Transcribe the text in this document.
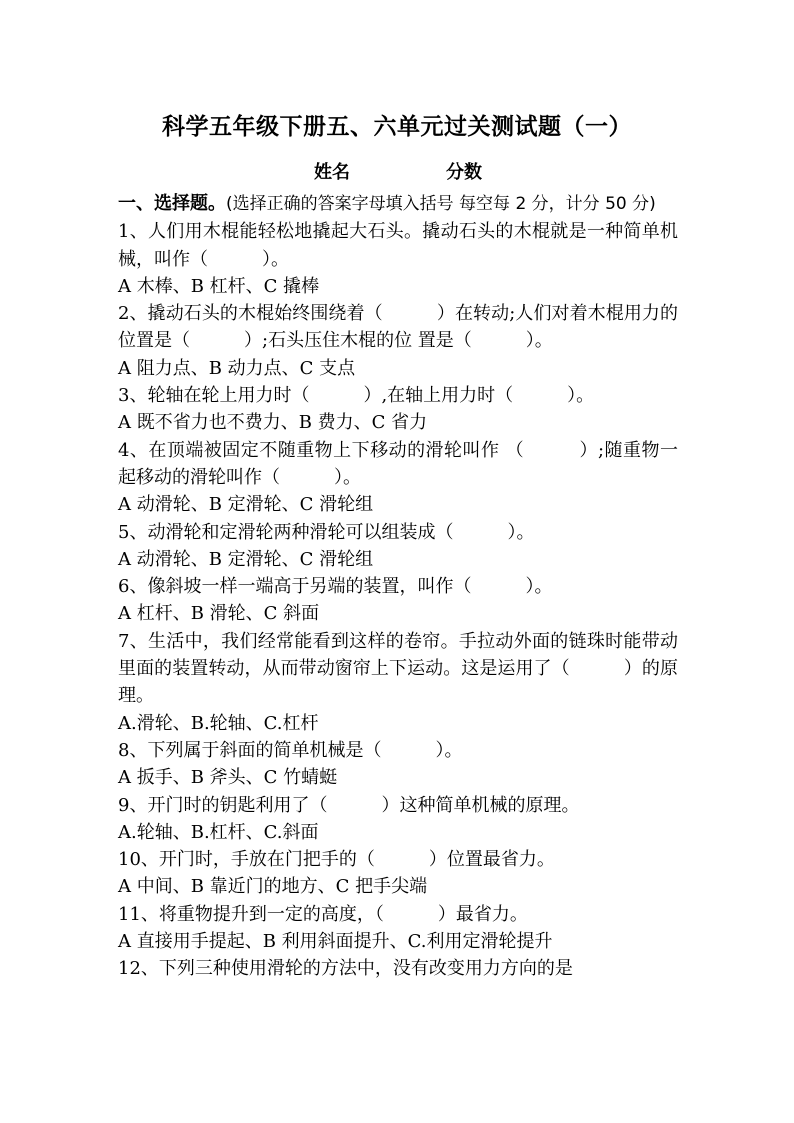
科学五年级下册五、六单元过关测试题（一）
姓名	分数

一、选择题。(选择正确的答案字母填入括号 每空每 2 分，计分 50 分)

1、人们用木棍能轻松地撬起大石头。撬动石头的木棍就是一种简单机械，叫作（　　　）。

A 木棒、B 杠杆、C 撬棒

2、撬动石头的木棍始终围绕着（　　　）在转动;人们对着木棍用力的位置是（　　　）;石头压住木棍的位 置是（　　　）。

A 阻力点、B 动力点、C 支点

3、轮轴在轮上用力时（　　　）,在轴上用力时（　　　）。

A 既不省力也不费力、B 费力、C 省力

4、在顶端被固定不随重物上下移动的滑轮叫作 （　　　）;随重物一起移动的滑轮叫作（　　　）。

A 动滑轮、B 定滑轮、C 滑轮组

5、动滑轮和定滑轮两种滑轮可以组装成（　　　）。

A 动滑轮、B 定滑轮、C 滑轮组

6、像斜坡一样一端高于另端的装置，叫作（　　　）。

A 杠杆、B 滑轮、C 斜面

7、生活中，我们经常能看到这样的卷帘。手拉动外面的链珠时能带动里面的装置转动，从而带动窗帘上下运动。这是运用了（　　　）的原理。

A.滑轮、B.轮轴、C.杠杆

8、下列属于斜面的简单机械是（　　　）。

A 扳手、B 斧头、C 竹蜻蜓

9、开门时的钥匙利用了（　　　）这种简单机械的原理。

A.轮轴、B.杠杆、C.斜面

10、开门时，手放在门把手的（　　　）位置最省力。

A 中间、B 靠近门的地方、C 把手尖端

11、将重物提升到一定的高度，（　　　）最省力。

A 直接用手提起、B 利用斜面提升、C.利用定滑轮提升

12、下列三种使用滑轮的方法中，没有改变用力方向的是
